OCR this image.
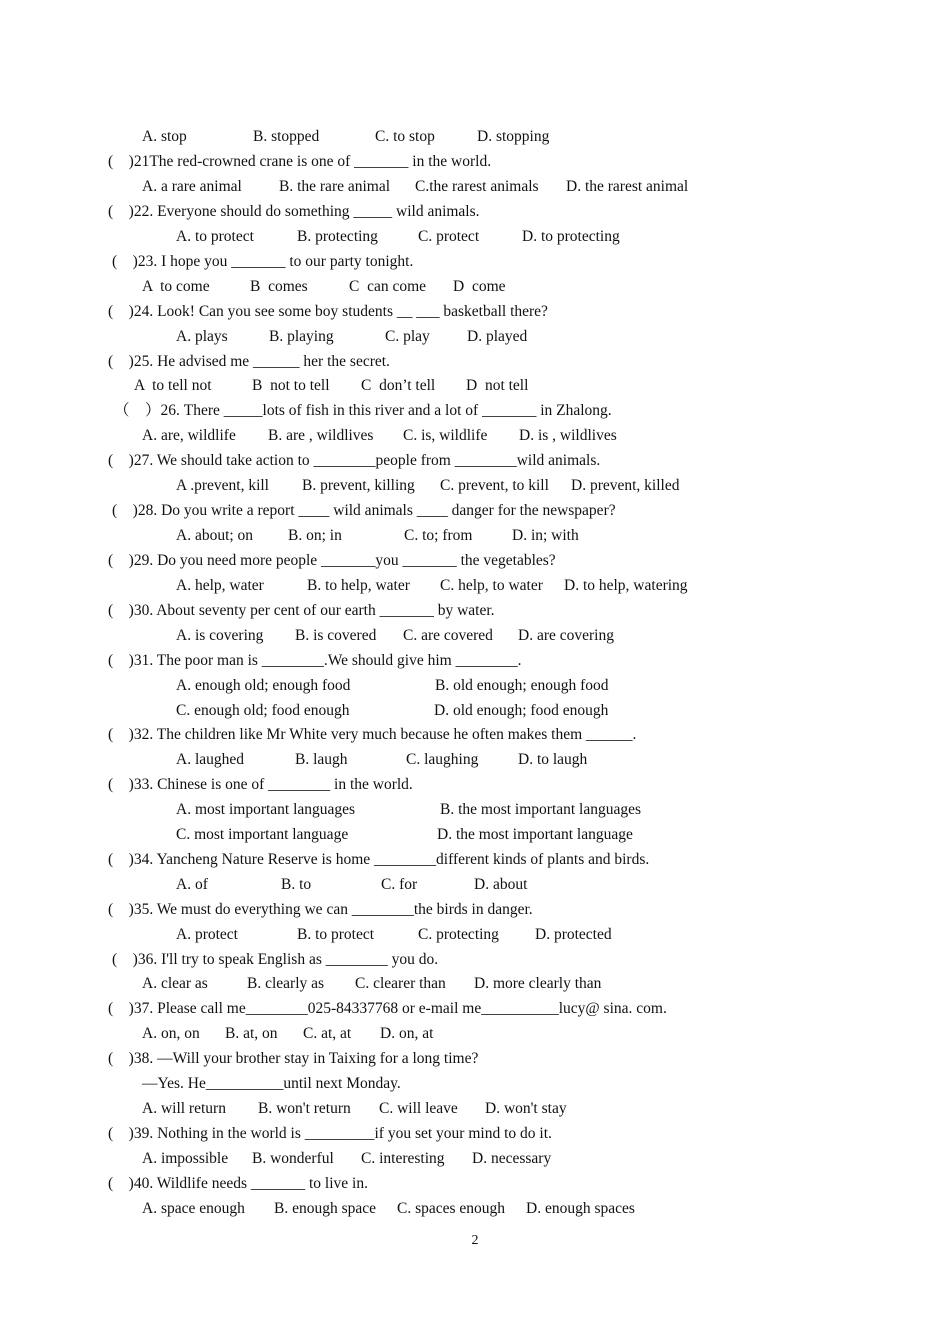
A. stop	B. stopped	C. to stop	D. stopping
(    )21The red-crowned crane is one of _______ in the world.
A. a rare animal B. the rare animal C.the rarest animals D. the rarest animal
(    )22. Everyone should do something _____ wild animals.
A. to protect	B. protecting	C. protect	D. to protecting
(    )23. I hope you _______ to our party tonight.
A  to come	B  comes	C  can come D  come
(    )24. Look! Can you see some boy students __ ___ basketball there?
A. plays	B. playing	C. play D. played
(    )25. He advised me ______ her the secret.
A  to tell not	B  not to tell C  don’t tell D  not tell
（    ）26. There _____lots of fish in this river and a lot of _______ in Zhalong.
A. are, wildlife B. are , wildlives C. is, wildlife D. is , wildlives
(    )27. We should take action to ________people from ________wild animals.
A .prevent, kill B. prevent, killing C. prevent, to kill D. prevent, killed
(    )28. Do you write a report ____ wild animals ____ danger for the newspaper?
A. about; on B. on; in	C. to; from	D. in; with
(    )29. Do you need more people _______you _______ the vegetables?
A. help, water	B. to help, water C. help, to water D. to help, watering
(    )30. About seventy per cent of our earth _______ by water.
A. is covering B. is covered C. are covered D. are covering
(    )31. The poor man is ________.We should give him ________.
A. enough old; enough food	B. old enough; enough food
C. enough old; food enough	D. old enough; food enough
(    )32. The children like Mr White very much because he often makes them ______.
A. laughed	B. laugh	C. laughing	D. to laugh
(    )33. Chinese is one of ________ in the world.
A. most important languages	B. the most important languages
C. most important language	D. the most important language
(    )34. Yancheng Nature Reserve is home ________different kinds of plants and birds.
A. of	B. to	C. for	D. about
(    )35. We must do everything we can ________the birds in danger.
A. protect	B. to protect	C. protecting D. protected
(    )36. I'll try to speak English as ________ you do.
A. clear as	B. clearly as C. clearer than D. more clearly than
(    )37. Please call me________025-84337768 or e-mail me__________lucy@ sina. com.
A. on, on B. at, on C. at, at D. on, at
(    )38. —Will your brother stay in Taixing for a long time?
—Yes. He__________until next Monday.
A. will return B. won't return C. will leave D. won't stay
(    )39. Nothing in the world is _________if you set your mind to do it.
A. impossible B. wonderful C. interesting D. necessary
(    )40. Wildlife needs _______ to live in.
A. space enough B. enough space C. spaces enough D. enough spaces
2
